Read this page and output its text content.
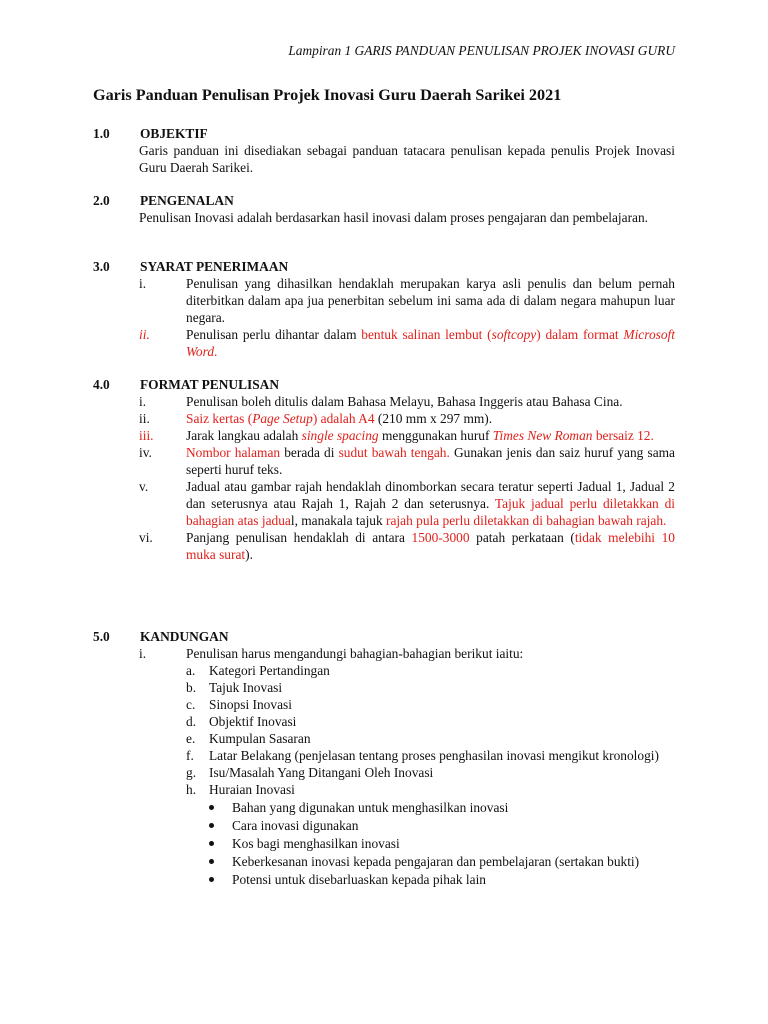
Lampiran 1 GARIS PANDUAN PENULISAN PROJEK INOVASI GURU
Garis Panduan Penulisan Projek Inovasi Guru Daerah Sarikei 2021
1.0 OBJEKTIF
Garis panduan ini disediakan sebagai panduan tatacara penulisan kepada penulis Projek Inovasi Guru Daerah Sarikei.
2.0 PENGENALAN
Penulisan Inovasi adalah berdasarkan hasil inovasi dalam proses pengajaran dan pembelajaran.
3.0 SYARAT PENERIMAAN
i.	Penulisan yang dihasilkan hendaklah merupakan karya asli penulis dan belum pernah diterbitkan dalam apa jua penerbitan sebelum ini sama ada di dalam negara mahupun luar negara.
ii.	Penulisan perlu dihantar dalam bentuk salinan lembut (softcopy) dalam format Microsoft Word.
4.0 FORMAT PENULISAN
i.	Penulisan boleh ditulis dalam Bahasa Melayu, Bahasa Inggeris atau Bahasa Cina.
ii.	Saiz kertas (Page Setup) adalah A4 (210 mm x 297 mm).
iii. Jarak langkau adalah single spacing menggunakan huruf Times New Roman bersaiz 12.
iv.	Nombor halaman berada di sudut bawah tengah. Gunakan jenis dan saiz huruf yang sama seperti huruf teks.
v.	Jadual atau gambar rajah hendaklah dinomborkan secara teratur seperti Jadual 1, Jadual 2 dan seterusnya atau Rajah 1, Rajah 2 dan seterusnya. Tajuk jadual perlu diletakkan di bahagian atas jadual, manakala tajuk rajah pula perlu diletakkan di bahagian bawah rajah.
vi. Panjang penulisan hendaklah di antara 1500-3000 patah perkataan (tidak melebihi 10 muka surat).
5.0 KANDUNGAN
i.	Penulisan harus mengandungi bahagian-bahagian berikut iaitu:
a. Kategori Pertandingan
b. Tajuk Inovasi
c. Sinopsi Inovasi
d. Objektif Inovasi
e. Kumpulan Sasaran
f. Latar Belakang (penjelasan tentang proses penghasilan inovasi mengikut kronologi)
g. Isu/Masalah Yang Ditangani Oleh Inovasi
h. Huraian Inovasi
Bahan yang digunakan untuk menghasilkan inovasi
Cara inovasi digunakan
Kos bagi menghasilkan inovasi
Keberkesanan inovasi kepada pengajaran dan pembelajaran (sertakan bukti)
Potensi untuk disebarluaskan kepada pihak lain
